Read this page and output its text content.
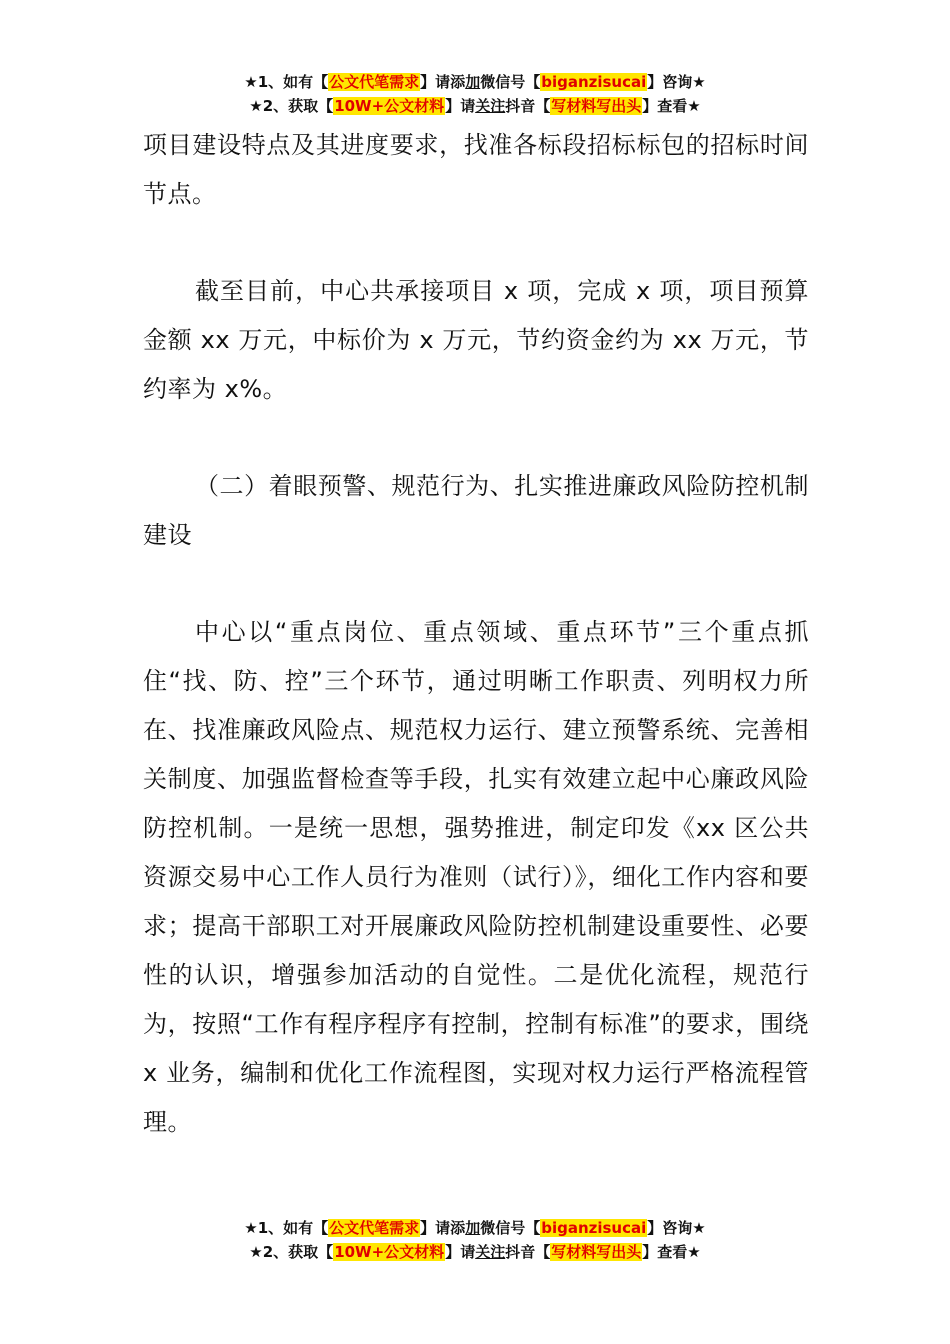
★1、如有【公文代笔需求】请添加微信号【biganzisucai】咨询★
★2、获取【10W+公文材料】请关注抖音【写材料写出头】查看★
项目建设特点及其进度要求，找准各标段招标标包的招标时间节点。
截至目前，中心共承接项目 x 项，完成 x 项，项目预算金额 xx 万元，中标价为 x 万元，节约资金约为 xx 万元，节约率为 x%。
（二）着眼预警、规范行为、扎实推进廉政风险防控机制建设
中心以“重点岗位、重点领域、重点环节”三个重点抓住“找、防、控”三个环节，通过明晰工作职责、列明权力所在、找准廉政风险点、规范权力运行、建立预警系统、完善相关制度、加强监督检查等手段，扎实有效建立起中心廉政风险防控机制。一是统一思想，强势推进，制定印发《xx 区公共资源交易中心工作人员行为准则（试行）》，细化工作内容和要求；提高干部职工对开展廉政风险防控机制建设重要性、必要性的认识，增强参加活动的自觉性。二是优化流程，规范行为，按照“工作有程序程序有控制，控制有标准”的要求，围绕 x 业务，编制和优化工作流程图，实现对权力运行严格流程管理。
★1、如有【公文代笔需求】请添加微信号【biganzisucai】咨询★
★2、获取【10W+公文材料】请关注抖音【写材料写出头】查看★
